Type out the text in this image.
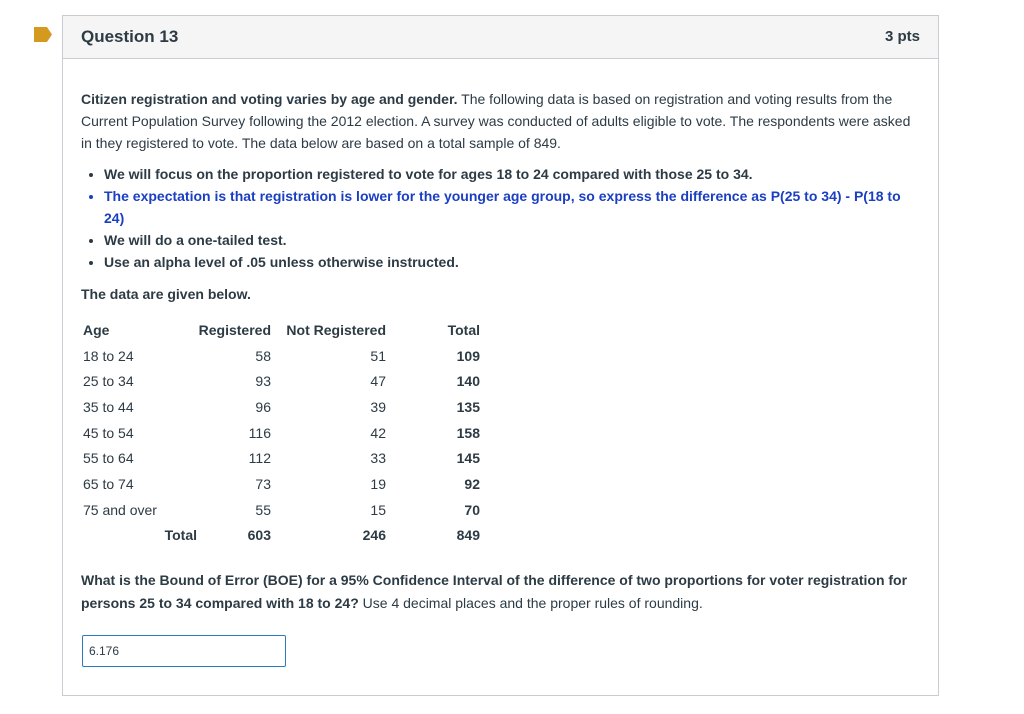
Question 13	3 pts

Citizen registration and voting varies by age and gender. The following data is based on registration and voting results from the Current Population Survey following the 2012 election. A survey was conducted of adults eligible to vote. The respondents were asked in they registered to vote. The data below are based on a total sample of 849.

• We will focus on the proportion registered to vote for ages 18 to 24 compared with those 25 to 34.
• The expectation is that registration is lower for the younger age group, so express the difference as P(25 to 34) - P(18 to 24)
• We will do a one-tailed test.
• Use an alpha level of .05 unless otherwise instructed.

The data are given below.

Age	Registered	Not Registered	Total
18 to 24	58	51	109
25 to 34	93	47	140
35 to 44	96	39	135
45 to 54	116	42	158
55 to 64	112	33	145
65 to 74	73	19	92
75 and over	55	15	70
Total	603	246	849
What is the Bound of Error (BOE) for a 95% Confidence Interval of the difference of two proportions for voter registration for persons 25 to 34 compared with 18 to 24? Use 4 decimal places and the proper rules of rounding.
6.176
